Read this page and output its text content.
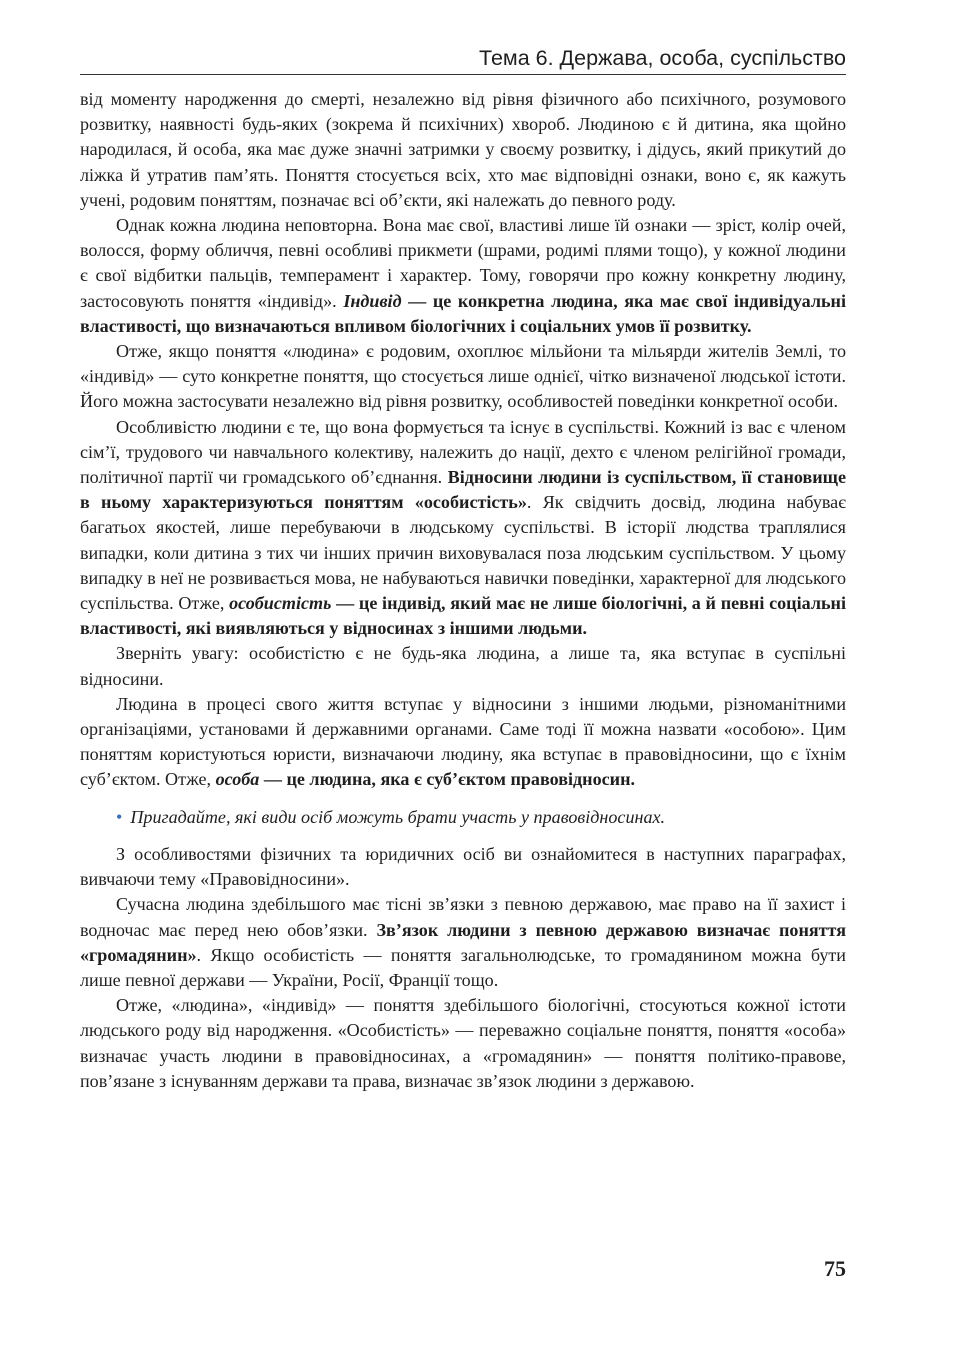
Тема 6. Держава, особа, суспільство

від моменту народження до смерті, незалежно від рівня фізичного або психічного, розумового розвитку, наявності будь-яких (зокрема й психічних) хвороб. Людиною є й дитина, яка щойно народилася, й особа, яка має дуже значні затримки у своєму розвитку, і дідусь, який прикутий до ліжка й утратив пам’ять. Поняття стосується всіх, хто має відповідні ознаки, воно є, як кажуть учені, родовим поняттям, позначає всі об’єкти, які належать до певного роду.

Однак кожна людина неповторна. Вона має свої, властиві лише їй ознаки — зріст, колір очей, волосся, форму обличчя, певні особливі прикмети (шрами, родимі плями тощо), у кожної людини є свої відбитки пальців, темперамент і характер. Тому, говорячи про кожну конкретну людину, застосовують поняття «індивід». Індивід — це конкретна людина, яка має свої індивідуальні властивості, що визначаються впливом біологічних і соціальних умов її розвитку.

Отже, якщо поняття «людина» є родовим, охоплює мільйони та мільярди жителів Землі, то «індивід» — суто конкретне поняття, що стосується лише однієї, чітко визначеної людської істоти. Його можна застосувати незалежно від рівня розвитку, особливостей поведінки конкретної особи.

Особливістю людини є те, що вона формується та існує в суспільстві. Кожний із вас є членом сім’ї, трудового чи навчального колективу, належить до нації, дехто є членом релігійної громади, політичної партії чи громадського об’єднання. Відносини людини із суспільством, її становище в ньому характеризуються поняттям «особистість». Як свідчить досвід, людина набуває багатьох якостей, лише перебуваючи в людському суспільстві. В історії людства траплялися випадки, коли дитина з тих чи інших причин виховувалася поза людським суспільством. У цьому випадку в неї не розвивається мова, не набуваються навички поведінки, характерної для людського суспільства. Отже, особистість — це індивід, який має не лише біологічні, а й певні соціальні властивості, які виявляються у відносинах з іншими людьми.

Зверніть увагу: особистістю є не будь-яка людина, а лише та, яка вступає в суспільні відносини.

Людина в процесі свого життя вступає у відносини з іншими людьми, різноманітними організаціями, установами й державними органами. Саме тоді її можна назвати «особою». Цим поняттям користуються юристи, визначаючи людину, яка вступає в правовідносини, що є їхнім суб’єктом. Отже, особа — це людина, яка є суб’єктом правовідносин.

• Пригадайте, які види осіб можуть брати участь у правовідносинах.

З особливостями фізичних та юридичних осіб ви ознайомитеся в наступних параграфах, вивчаючи тему «Правовідносини».

Сучасна людина здебільшого має тісні зв’язки з певною державою, має право на її захист і водночас має перед нею обов’язки. Зв’язок людини з певною державою визначає поняття «громадянин». Якщо особистість — поняття загальнолюдське, то громадянином можна бути лише певної держави — України, Росії, Франції тощо.

Отже, «людина», «індивід» — поняття здебільшого біологічні, стосуються кожної істоти людського роду від народження. «Особистість» — переважно соціальне поняття, поняття «особа» визначає участь людини в правовідносинах, а «громадянин» — поняття політико-правове, пов’язане з існуванням держави та права, визначає зв’язок людини з державою.

75
